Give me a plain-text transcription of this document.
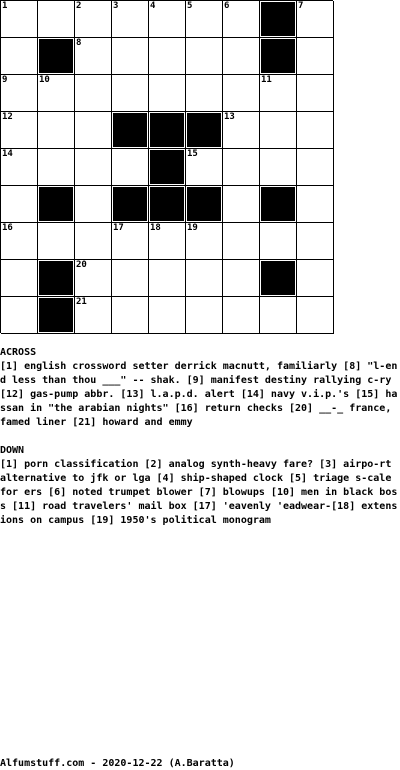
1	2	3	4	5	6	7
8
9	10	11
12	13
14	15
16	17	18	19
20
21

ACROSS

[1] english crossword setter derrick macnutt, familiarly [8] "l-end less than thou ___" -- shak. [9] manifest destiny rallying c-ry [12] gas-pump abbr. [13] l.a.p.d. alert [14] navy v.i.p.'s [15] hassan in "the arabian nights" [16] return checks [20] __-_ france, famed liner [21] howard and emmy

DOWN

[1] porn classification [2] analog synth-heavy fare? [3] airpo-rt alternative to jfk or lga [4] ship-shaped clock [5] triage s-cale for ers [6] noted trumpet blower [7] blowups [10] men in black boss [11] road travelers' mail box [17] 'eavenly 'eadwear-[18] extensions on campus [19] 1950's political monogram

Alfumstuff.com - 2020-12-22 (A.Baratta)
